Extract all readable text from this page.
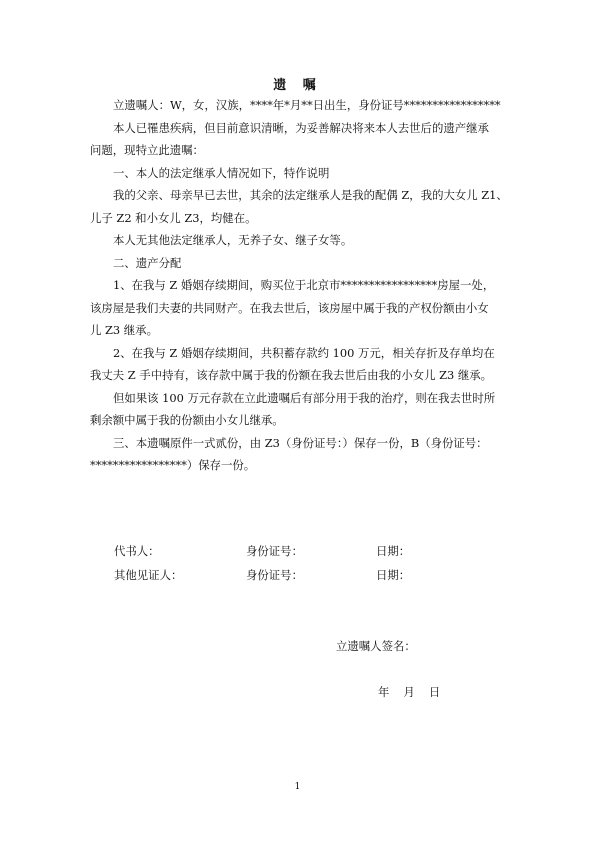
遗 嘱

立遗嘱人：W，女，汉族，****年*月**日出生，身份证号*****************

本人已罹患疾病，但目前意识清晰，为妥善解决将来本人去世后的遗产继承
问题，现特立此遗嘱：

一、本人的法定继承人情况如下，特作说明

我的父亲、母亲早已去世，其余的法定继承人是我的配偶 Z，我的大女儿 Z1、
儿子 Z2 和小女儿 Z3，均健在。

本人无其他法定继承人，无养子女、继子女等。

二、遗产分配

1、在我与 Z 婚姻存续期间，购买位于北京市*****************房屋一处，
该房屋是我们夫妻的共同财产。在我去世后，该房屋中属于我的产权份额由小女
儿 Z3 继承。

2、在我与 Z 婚姻存续期间，共积蓄存款约 100 万元，相关存折及存单均在
我丈夫 Z 手中持有，该存款中属于我的份额在我去世后由我的小女儿 Z3 继承。

但如果该 100 万元存款在立此遗嘱后有部分用于我的治疗，则在我去世时所
剩余额中属于我的份额由小女儿继承。

三、本遗嘱原件一式贰份，由 Z3（身份证号：）保存一份，B（身份证号：
*****************）保存一份。

代书人：	身份证号：	日期：
其他见证人：	身份证号：	日期：
立遗嘱人签名：
年 月 日
1
